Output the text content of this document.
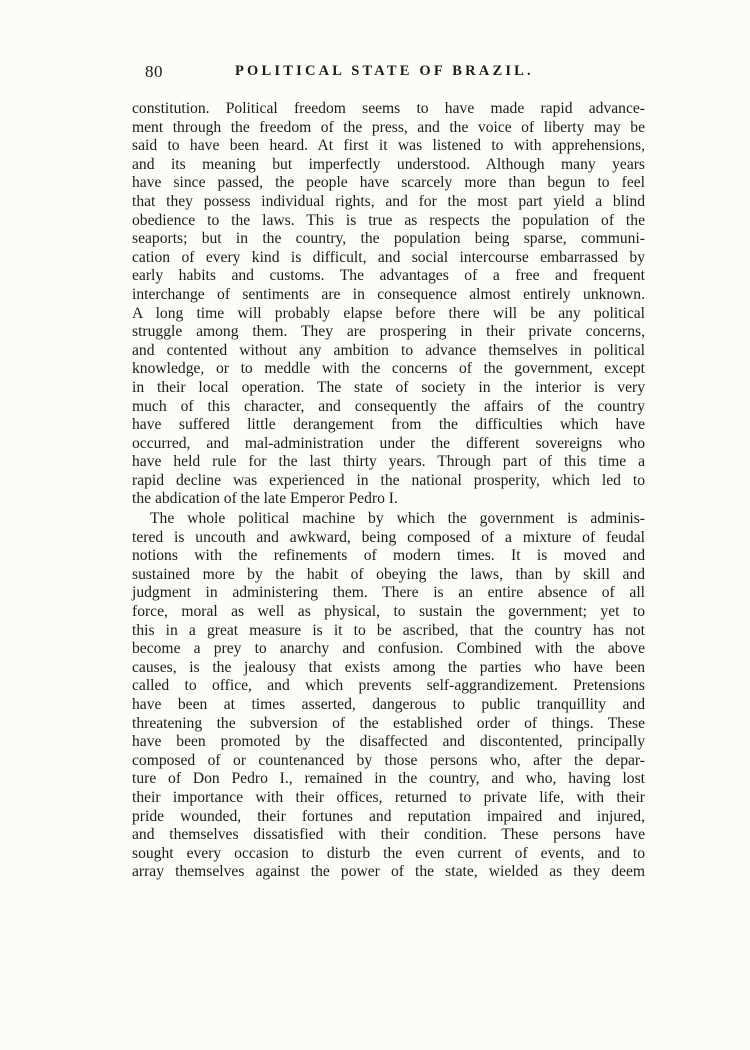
80	POLITICAL STATE OF BRAZIL.
constitution. Political freedom seems to have made rapid advance-
ment through the freedom of the press, and the voice of liberty may be
said to have been heard. At first it was listened to with apprehensions,
and its meaning but imperfectly understood. Although many years
have since passed, the people have scarcely more than begun to feel
that they possess individual rights, and for the most part yield a blind
obedience to the laws. This is true as respects the population of the
seaports; but in the country, the population being sparse, communi-
cation of every kind is difficult, and social intercourse embarrassed by
early habits and customs. The advantages of a free and frequent
interchange of sentiments are in consequence almost entirely unknown.
A long time will probably elapse before there will be any political
struggle among them. They are prospering in their private concerns,
and contented without any ambition to advance themselves in political
knowledge, or to meddle with the concerns of the government, except
in their local operation. The state of society in the interior is very
much of this character, and consequently the affairs of the country
have suffered little derangement from the difficulties which have
occurred, and mal-administration under the different sovereigns who
have held rule for the last thirty years. Through part of this time a
rapid decline was experienced in the national prosperity, which led to
the abdication of the late Emperor Pedro I.
The whole political machine by which the government is adminis-
tered is uncouth and awkward, being composed of a mixture of feudal
notions with the refinements of modern times. It is moved and
sustained more by the habit of obeying the laws, than by skill and
judgment in administering them. There is an entire absence of all
force, moral as well as physical, to sustain the government; yet to
this in a great measure is it to be ascribed, that the country has not
become a prey to anarchy and confusion. Combined with the above
causes, is the jealousy that exists among the parties who have been
called to office, and which prevents self-aggrandizement. Pretensions
have been at times asserted, dangerous to public tranquillity and
threatening the subversion of the established order of things. These
have been promoted by the disaffected and discontented, principally
composed of or countenanced by those persons who, after the depar-
ture of Don Pedro I., remained in the country, and who, having lost
their importance with their offices, returned to private life, with their
pride wounded, their fortunes and reputation impaired and injured,
and themselves dissatisfied with their condition. These persons have
sought every occasion to disturb the even current of events, and to
array themselves against the power of the state, wielded as they deem
